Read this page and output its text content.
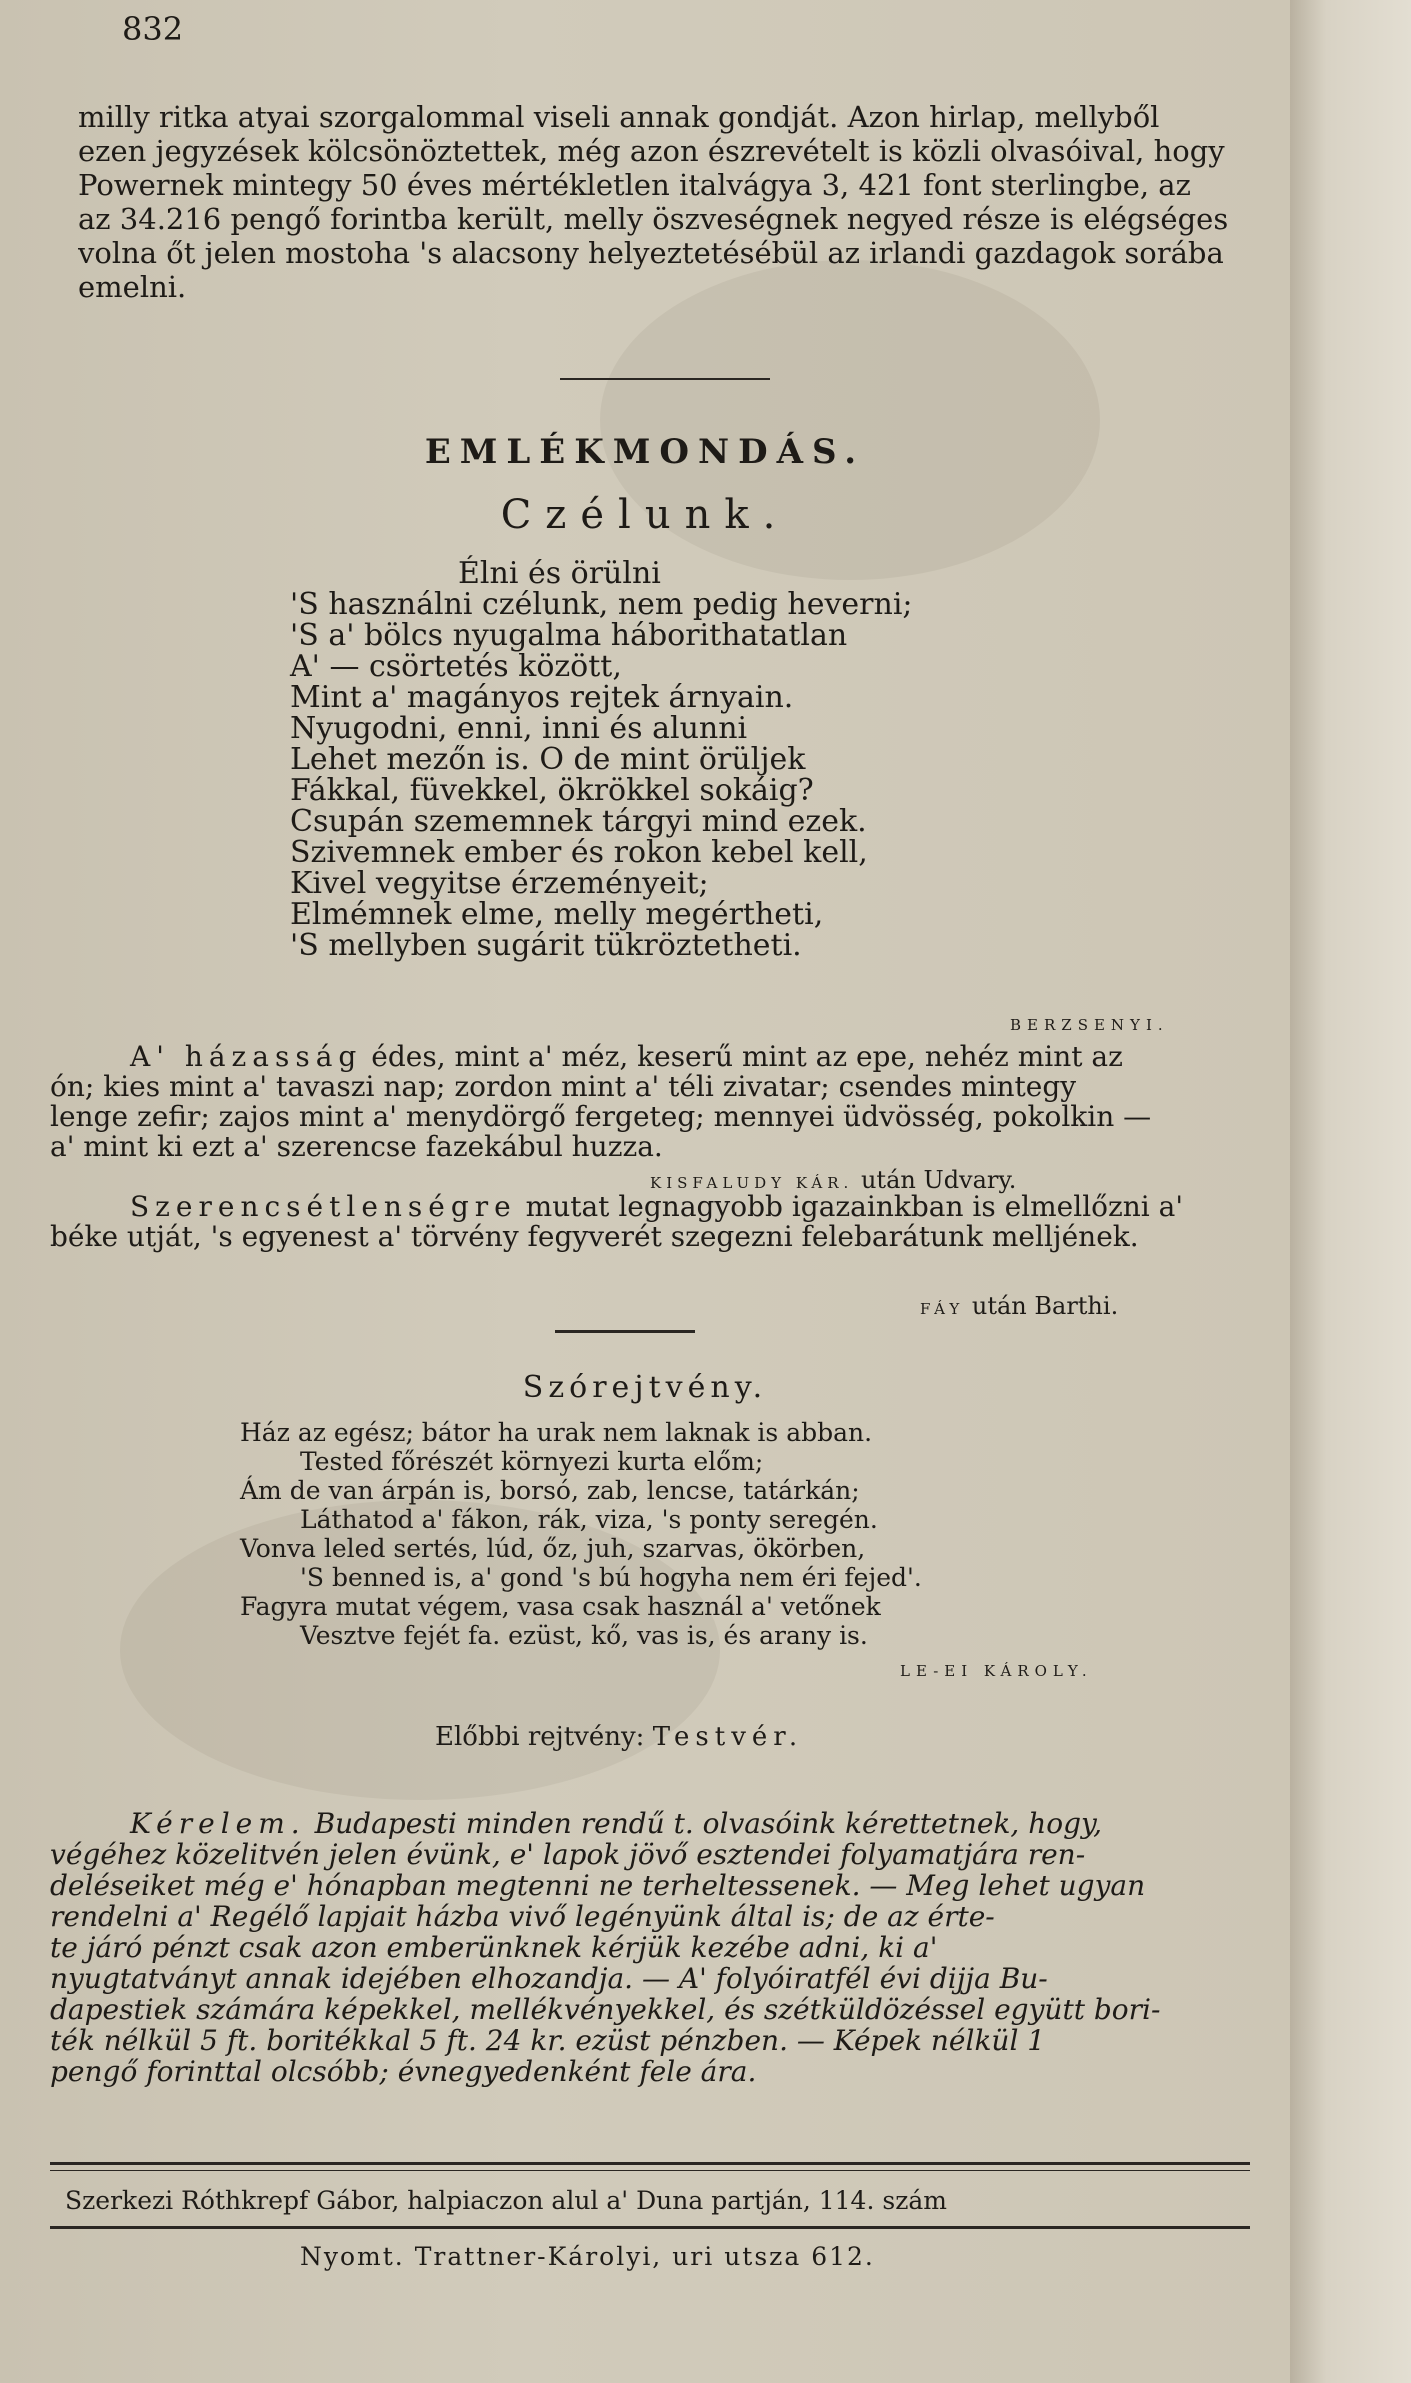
832
milly ritka atyai szorgalommal viseli annak gondját. Azon hirlap, mellyből
ezen jegyzések kölcsönöztettek, még azon észrevételt is közli olvasóival, hogy
Powernek mintegy 50 éves mértékletlen italvágya 3, 421 font sterlingbe, az
az 34.216 pengő forintba került, melly öszveségnek negyed része is elégséges
volna őt jelen mostoha 's alacsony helyeztetésébül az irlandi gazdagok sorába
emelni.
EMLÉKMONDÁS.
Czélunk.
Élni és örülni
'S használni czélunk, nem pedig heverni;
'S a' bölcs nyugalma háborithatatlan
A' — csörtetés között,
Mint a' magányos rejtek árnyain.
Nyugodni, enni, inni és alunni
Lehet mezőn is. O de mint örüljek
Fákkal, füvekkel, ökrökkel sokáig?
Csupán szememnek tárgyi mind ezek.
Szivemnek ember és rokon kebel kell,
Kivel vegyitse érzeményeit;
Elmémnek elme, melly megértheti,
'S mellyben sugárit tükröztetheti.
BERZSENYI.
A' házasság édes, mint a' méz, keserű mint az epe, nehéz mint az
ón; kies mint a' tavaszi nap; zordon mint a' téli zivatar; csendes mintegy
lenge zefir; zajos mint a' menydörgő fergeteg; mennyei üdvösség, pokolkin —
a' mint ki ezt a' szerencse fazekábul huzza.
KISFALUDY KÁR. után Udvary.
Szerencsétlenségre mutat legnagyobb igazainkban is elmellőzni a'
béke utját, 's egyenest a' törvény fegyverét szegezni felebarátunk melljének.
FÁY után Barthi.
Szórejtvény.
Ház az egész; bátor ha urak nem laknak is abban.
Tested főrészét környezi kurta előm;
Ám de van árpán is, borsó, zab, lencse, tatárkán;
Láthatod a' fákon, rák, viza, 's ponty seregén.
Vonva leled sertés, lúd, őz, juh, szarvas, ökörben,
'S benned is, a' gond 's bú hogyha nem éri fejed'.
Fagyra mutat végem, vasa csak használ a' vetőnek
Vesztve fejét fa. ezüst, kő, vas is, és arany is.
LE-EI KÁROLY.
Előbbi rejtvény: Testvér.
Kérelem. Budapesti minden rendű t. olvasóink kérettetnek, hogy,
végéhez közelitvén jelen évünk, e' lapok jövő esztendei folyamatjára ren-
deléseiket még e' hónapban megtenni ne terheltessenek. — Meg lehet ugyan
rendelni a' Regélő lapjait házba vivő legényünk által is; de az érte-
te járó pénzt csak azon emberünknek kérjük kezébe adni, ki a'
nyugtatványt annak idejében elhozandja. — A' folyóiratfél évi dijja Bu-
dapestiek számára képekkel, mellékvényekkel, és szétküldözéssel együtt bori-
ték nélkül 5 ft. boritékkal 5 ft. 24 kr. ezüst pénzben. — Képek nélkül 1
pengő forinttal olcsóbb; évnegyedenként fele ára.
Szerkezi Róthkrepf Gábor, halpiaczon alul a' Duna partján, 114. szám
Nyomt. Trattner-Károlyi, uri utsza 612.
